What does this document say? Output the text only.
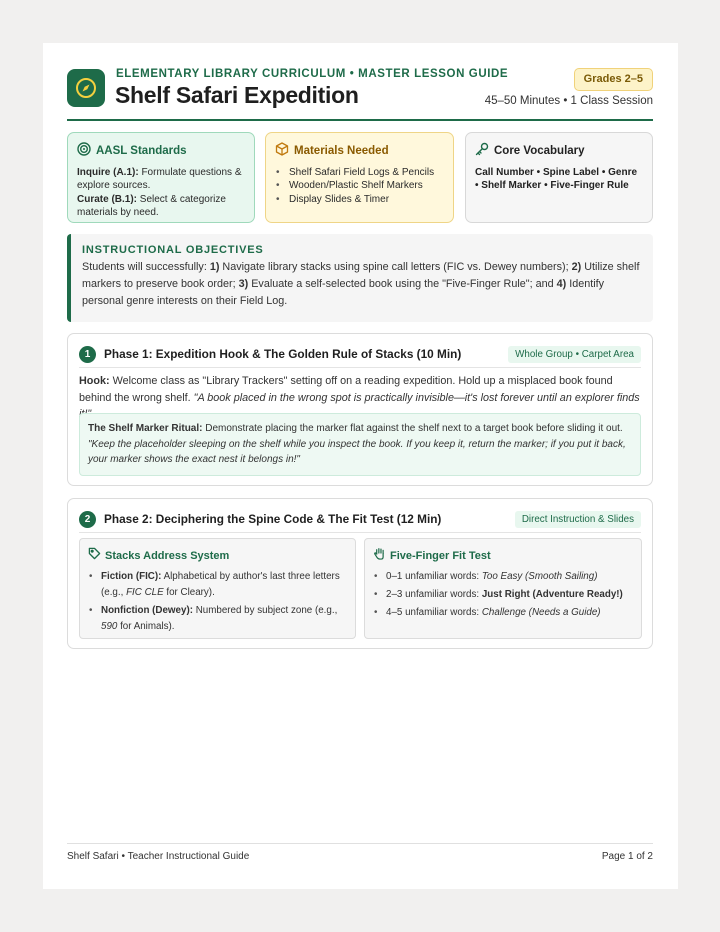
ELEMENTARY LIBRARY CURRICULUM • MASTER LESSON GUIDE
Shelf Safari Expedition
Grades 2–5
45–50 Minutes • 1 Class Session
AASL Standards
Inquire (A.1): Formulate questions & explore sources.
Curate (B.1): Select & categorize materials by need.
Materials Needed
• Shelf Safari Field Logs & Pencils
• Wooden/Plastic Shelf Markers
• Display Slides & Timer
Core Vocabulary
Call Number • Spine Label • Genre • Shelf Marker • Five-Finger Rule
INSTRUCTIONAL OBJECTIVES
Students will successfully: 1) Navigate library stacks using spine call letters (FIC vs. Dewey numbers); 2) Utilize shelf markers to preserve book order; 3) Evaluate a self-selected book using the "Five-Finger Rule"; and 4) Identify personal genre interests on their Field Log.
1	Phase 1: Expedition Hook & The Golden Rule of Stacks (10 Min)	Whole Group • Carpet Area
Hook: Welcome class as "Library Trackers" setting off on a reading expedition. Hold up a misplaced book found behind the wrong shelf. "A book placed in the wrong spot is practically invisible—it's lost forever until an explorer finds
The Shelf Marker Ritual: Demonstrate placing the marker flat against the shelf next to a target book before sliding it out.
"Keep the placeholder sleeping on the shelf while you inspect the book. If you keep it, return the marker; if you put it back, your marker shows the exact nest it belongs in!"
2	Phase 2: Deciphering the Spine Code & The Fit Test (12 Min)	Direct Instruction & Slides
Stacks Address System
• Fiction (FIC): Alphabetical by author's last three letters (e.g., FIC CLE for Cleary).
• Nonfiction (Dewey): Numbered by subject zone (e.g., 590 for Animals).
Five-Finger Fit Test
• 0–1 unfamiliar words: Too Easy (Smooth Sailing)
• 2–3 unfamiliar words: Just Right (Adventure Ready!)
• 4–5 unfamiliar words: Challenge (Needs a Guide)
Shelf Safari • Teacher Instructional Guide	Page 1 of 2
